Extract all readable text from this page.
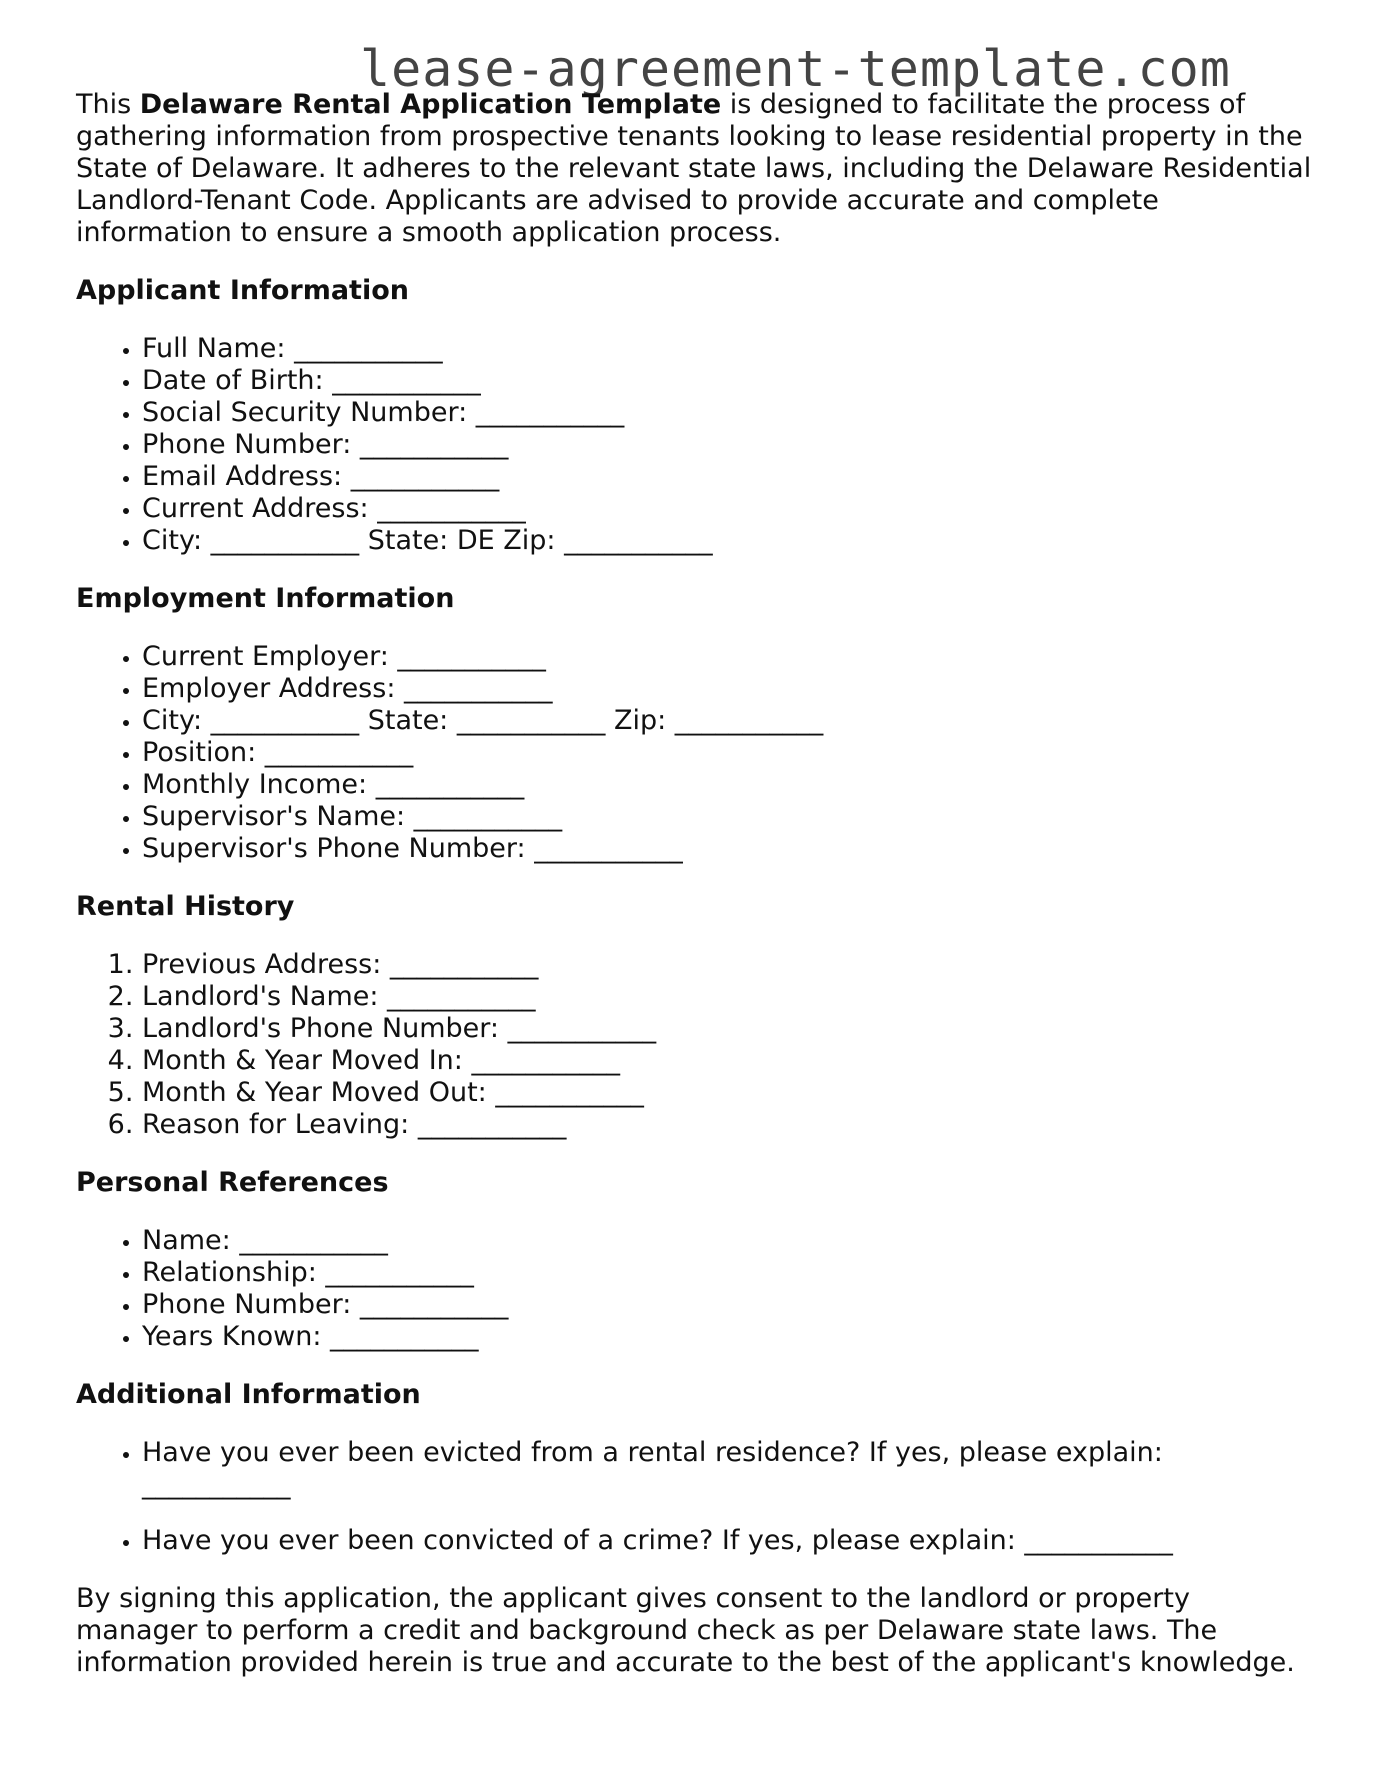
lease-agreement-template.com

This Delaware Rental Application Template is designed to facilitate the process of gathering information from prospective tenants looking to lease residential property in the State of Delaware. It adheres to the relevant state laws, including the Delaware Residential Landlord-Tenant Code. Applicants are advised to provide accurate and complete information to ensure a smooth application process.

Applicant Information
• Full Name: ___________
• Date of Birth: ___________
• Social Security Number: ___________
• Phone Number: ___________
• Email Address: ___________
• Current Address: ___________
• City: ___________ State: DE Zip: ___________
Employment Information
• Current Employer: ___________
• Employer Address: ___________
• City: ___________ State: ___________ Zip: ___________
• Position: ___________
• Monthly Income: ___________
• Supervisor's Name: ___________
• Supervisor's Phone Number: ___________
Rental History
1. Previous Address: ___________
2. Landlord's Name: ___________
3. Landlord's Phone Number: ___________
4. Month & Year Moved In: ___________
5. Month & Year Moved Out: ___________
6. Reason for Leaving: ___________
Personal References
• Name: ___________
• Relationship: ___________
• Phone Number: ___________
• Years Known: ___________
Additional Information
• Have you ever been evicted from a rental residence? If yes, please explain: ___________
• Have you ever been convicted of a crime? If yes, please explain: ___________

By signing this application, the applicant gives consent to the landlord or property manager to perform a credit and background check as per Delaware state laws. The information provided herein is true and accurate to the best of the applicant's knowledge.
